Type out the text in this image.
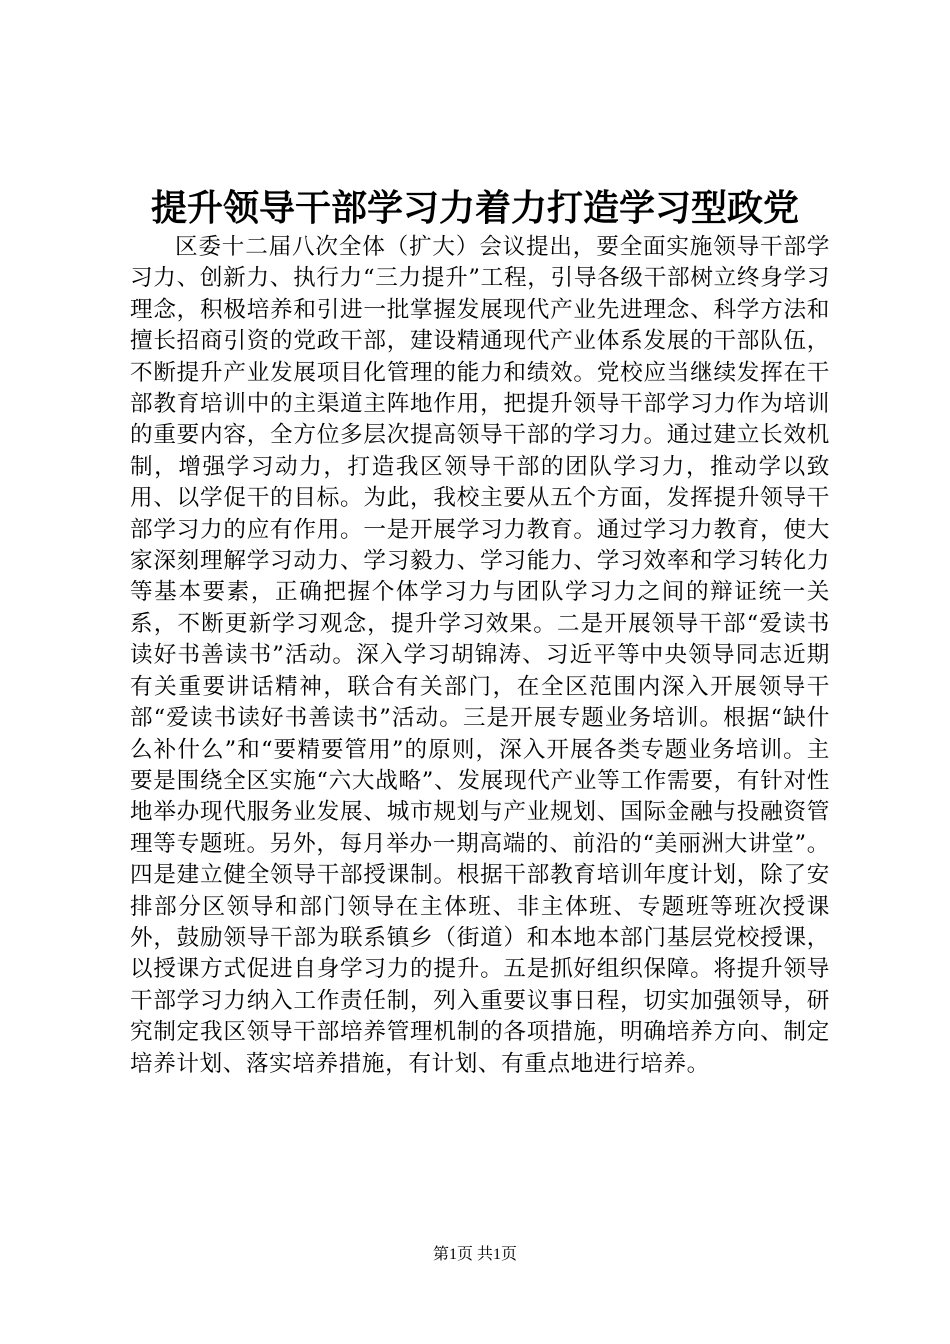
提升领导干部学习力着力打造学习型政党

区委十二届八次全体（扩大）会议提出，要全面实施领导干部学习力、创新力、执行力“三力提升”工程，引导各级干部树立终身学习理念，积极培养和引进一批掌握发展现代产业先进理念、科学方法和擅长招商引资的党政干部，建设精通现代产业体系发展的干部队伍，不断提升产业发展项目化管理的能力和绩效。党校应当继续发挥在干部教育培训中的主渠道主阵地作用，把提升领导干部学习力作为培训的重要内容，全方位多层次提高领导干部的学习力。通过建立长效机制，增强学习动力，打造我区领导干部的团队学习力，推动学以致用、以学促干的目标。为此，我校主要从五个方面，发挥提升领导干部学习力的应有作用。一是开展学习力教育。通过学习力教育，使大家深刻理解学习动力、学习毅力、学习能力、学习效率和学习转化力等基本要素，正确把握个体学习力与团队学习力之间的辩证统一关系，不断更新学习观念，提升学习效果。二是开展领导干部“爱读书读好书善读书”活动。深入学习胡锦涛、习近平等中央领导同志近期有关重要讲话精神，联合有关部门，在全区范围内深入开展领导干部“爱读书读好书善读书”活动。三是开展专题业务培训。根据“缺什么补什么”和“要精要管用”的原则，深入开展各类专题业务培训。主要是围绕全区实施“六大战略”、发展现代产业等工作需要，有针对性地举办现代服务业发展、城市规划与产业规划、国际金融与投融资管理等专题班。另外，每月举办一期高端的、前沿的“美丽洲大讲堂”。四是建立健全领导干部授课制。根据干部教育培训年度计划，除了安排部分区领导和部门领导在主体班、非主体班、专题班等班次授课外，鼓励领导干部为联系镇乡（街道）和本地本部门基层党校授课，以授课方式促进自身学习力的提升。五是抓好组织保障。将提升领导干部学习力纳入工作责任制，列入重要议事日程，切实加强领导，研究制定我区领导干部培养管理机制的各项措施，明确培养方向、制定培养计划、落实培养措施，有计划、有重点地进行培养。

第1页 共1页
